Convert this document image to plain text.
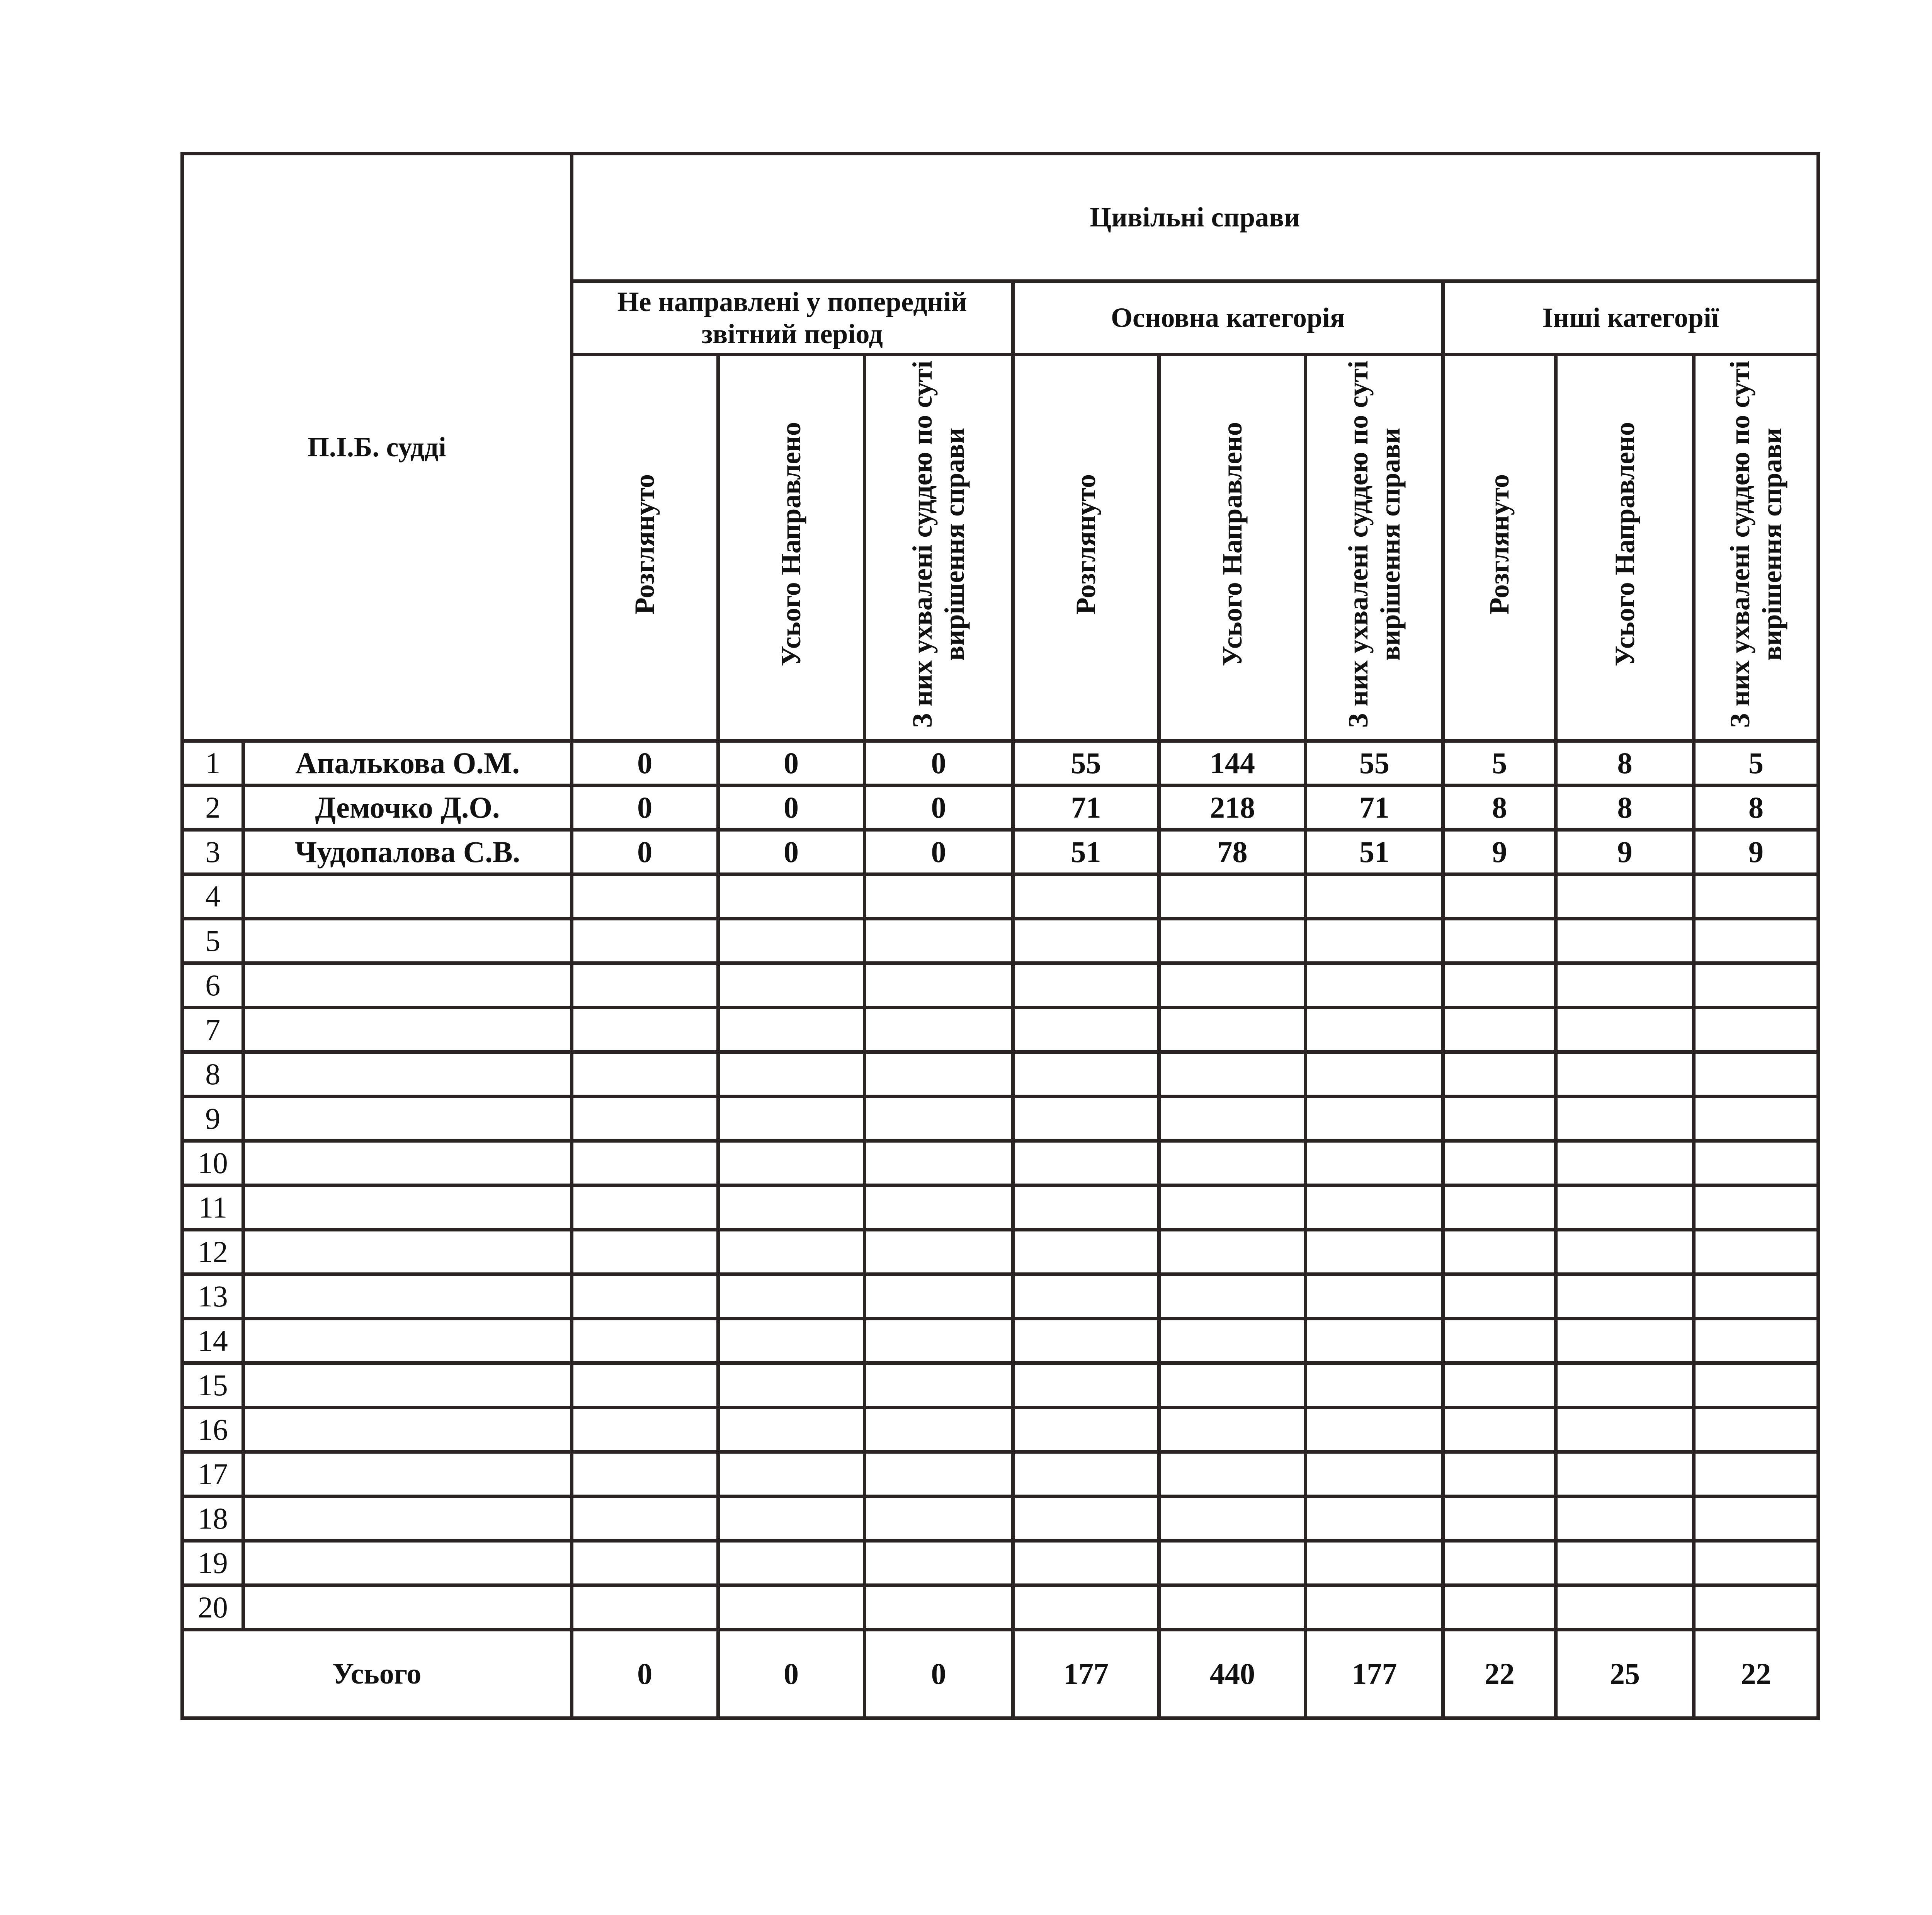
П.І.Б. судді		Цивільні справи								
		Не направлені у попередній звітний період			Основна категорія			Інші категорії		
		Розглянуто	Усього Направлено	З них ухвалені суддею по суті вирішення справи	Розглянуто	Усього Направлено	З них ухвалені суддею по суті вирішення справи	Розглянуто	Усього Направлено	З них ухвалені суддею по суті вирішення справи
1	Апалькова О.М.	0	0	0	55	144	55	5	8	5
2	Демочко Д.О.	0	0	0	71	218	71	8	8	8
3	Чудопалова С.В.	0	0	0	51	78	51	9	9	9
4										
5										
6										
7										
8										
9										
10										
11										
12										
13										
14										
15										
16										
17										
18										
19										
20										
Усього		0	0	0	177	440	177	22	25	22
